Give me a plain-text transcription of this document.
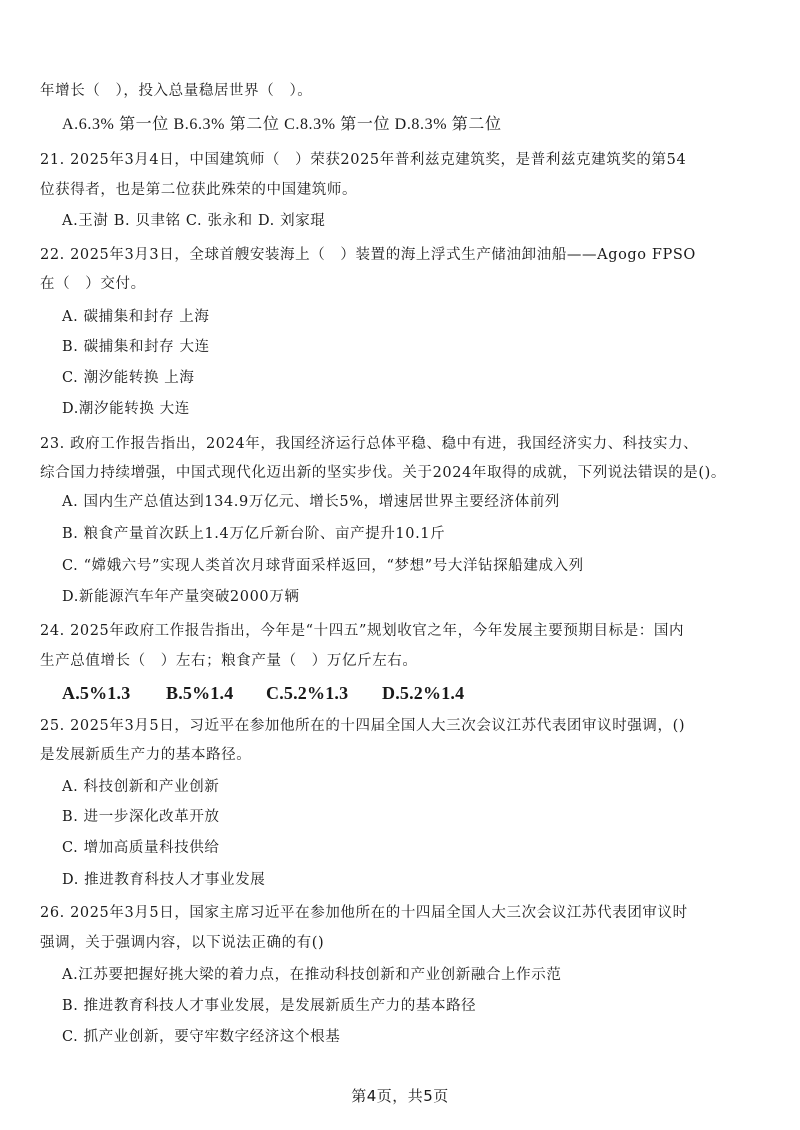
年增长（　），投入总量稳居世界（　）。
A.6.3% 第一位 B.6.3% 第二位 C.8.3% 第一位 D.8.3% 第二位
21. 2025年3月4日，中国建筑师（　）荣获2025年普利兹克建筑奖，是普利兹克建筑奖的第54
位获得者，也是第二位获此殊荣的中国建筑师。
A.王澍 B. 贝聿铭 C. 张永和 D. 刘家琨
22. 2025年3月3日，全球首艘安装海上（　）装置的海上浮式生产储油卸油船——Agogo FPSO
在（　）交付。
A. 碳捕集和封存 上海
B. 碳捕集和封存 大连
C. 潮汐能转换 上海
D.潮汐能转换 大连
23. 政府工作报告指出，2024年，我国经济运行总体平稳、稳中有进，我国经济实力、科技实力、
综合国力持续增强，中国式现代化迈出新的坚实步伐。关于2024年取得的成就，下列说法错误的是()。
A. 国内生产总值达到134.9万亿元、增长5%，增速居世界主要经济体前列
B. 粮食产量首次跃上1.4万亿斤新台阶、亩产提升10.1斤
C. “嫦娥六号”实现人类首次月球背面采样返回，“梦想”号大洋钻探船建成入列
D.新能源汽车年产量突破2000万辆
24. 2025年政府工作报告指出，今年是“十四五”规划收官之年，今年发展主要预期目标是：国内
生产总值增长（　）左右；粮食产量（　）万亿斤左右。
A.5%1.3 B.5%1.4 C.5.2%1.3 D.5.2%1.4
25. 2025年3月5日，习近平在参加他所在的十四届全国人大三次会议江苏代表团审议时强调，()
是发展新质生产力的基本路径。
A. 科技创新和产业创新
B. 进一步深化改革开放
C. 增加高质量科技供给
D. 推进教育科技人才事业发展
26. 2025年3月5日，国家主席习近平在参加他所在的十四届全国人大三次会议江苏代表团审议时
强调，关于强调内容，以下说法正确的有()
A.江苏要把握好挑大梁的着力点，在推动科技创新和产业创新融合上作示范
B. 推进教育科技人才事业发展，是发展新质生产力的基本路径
C. 抓产业创新，要守牢数字经济这个根基
第4页，共5页
